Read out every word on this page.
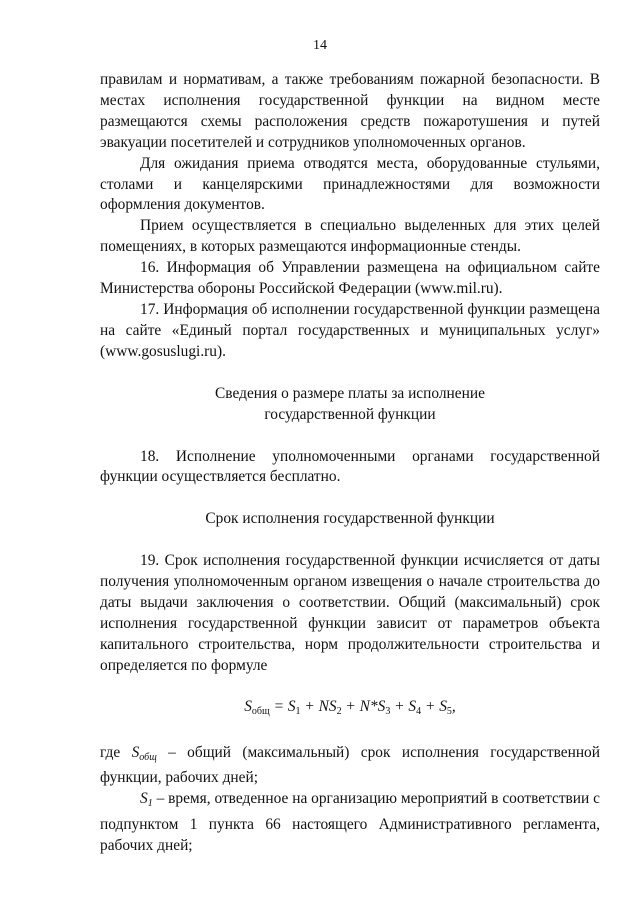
14

правилам и нормативам, а также требованиям пожарной безопасности. В местах исполнения государственной функции на видном месте размещаются схемы расположения средств пожаротушения и путей эвакуации посетителей и сотрудников уполномоченных органов.

Для ожидания приема отводятся места, оборудованные стульями, столами и канцелярскими принадлежностями для возможности оформления документов.

Прием осуществляется в специально выделенных для этих целей помещениях, в которых размещаются информационные стенды.

16. Информация об Управлении размещена на официальном сайте Министерства обороны Российской Федерации (www.mil.ru).

17. Информация об исполнении государственной функции размещена на сайте «Единый портал государственных и муниципальных услуг» (www.gosuslugi.ru).

Сведения о размере платы за исполнение

государственной функции

18. Исполнение уполномоченными органами государственной функции осуществляется бесплатно.

Срок исполнения государственной функции

19. Срок исполнения государственной функции исчисляется от даты получения уполномоченным органом извещения о начале строительства до даты выдачи заключения о соответствии. Общий (максимальный) срок исполнения государственной функции зависит от параметров объекта капитального строительства, норм продолжительности строительства и определяется по формуле

$S_{общ} = S_1 + NS_2 + N*S_3 + S_4 + S_5$,

где $S_{общ}$ – общий (максимальный) срок исполнения государственной функции, рабочих дней;

$S_1$ – время, отведенное на организацию мероприятий в соответствии с подпунктом 1 пункта 66 настоящего Административного регламента, рабочих дней;
